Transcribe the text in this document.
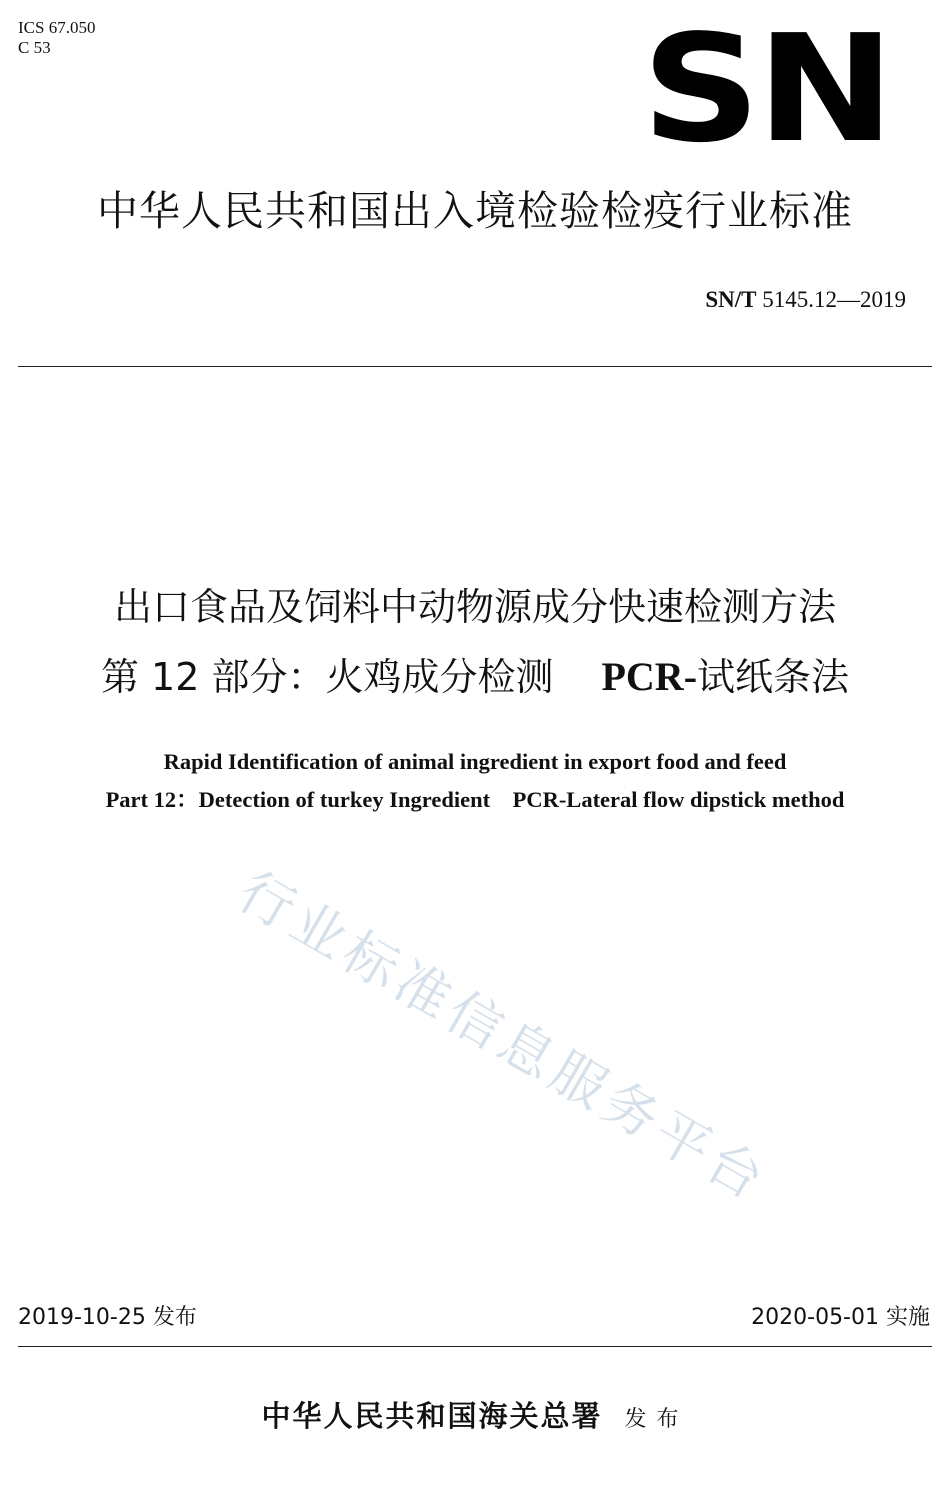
ICS 67.050
C 53	SN
中华人民共和国出入境检验检疫行业标准
SN/T 5145.12—2019
出口食品及饲料中动物源成分快速检测方法
第 12 部分：火鸡成分检测 PCR-试纸条法
Rapid Identification of animal ingredient in export food and feed
Part 12：Detection of turkey Ingredient    PCR-Lateral flow dipstick method
行业标准信息服务平台
2019-10-25 发布	2020-05-01 实施
中华人民共和国海关总署 发布
